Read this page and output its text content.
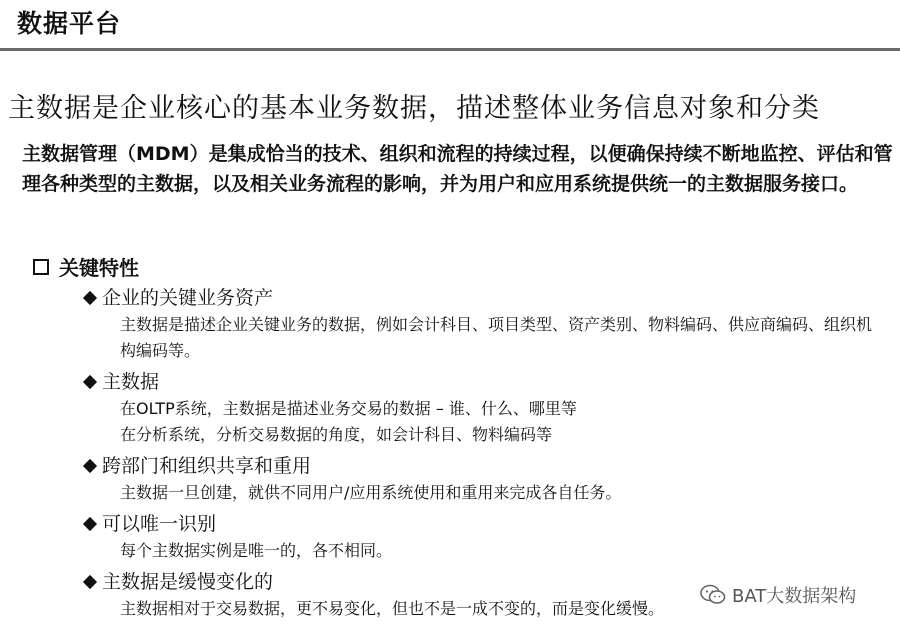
数据平台
主数据是企业核心的基本业务数据，描述整体业务信息对象和分类
主数据管理（MDM）是集成恰当的技术、组织和流程的持续过程，以便确保持续不断地监控、评估和管理各种类型的主数据，以及相关业务流程的影响，并为用户和应用系统提供统一的主数据服务接口。
关键特性
企业的关键业务资产
主数据是描述企业关键业务的数据，例如会计科目、项目类型、资产类别、物料编码、供应商编码、组织机构编码等。
主数据
在OLTP系统，主数据是描述业务交易的数据 – 谁、什么、哪里等
在分析系统，分析交易数据的角度，如会计科目、物料编码等
跨部门和组织共享和重用
主数据一旦创建，就供不同用户/应用系统使用和重用来完成各自任务。
可以唯一识别
每个主数据实例是唯一的，各不相同。
主数据是缓慢变化的
主数据相对于交易数据，更不易变化，但也不是一成不变的，而是变化缓慢。
BAT大数据架构
